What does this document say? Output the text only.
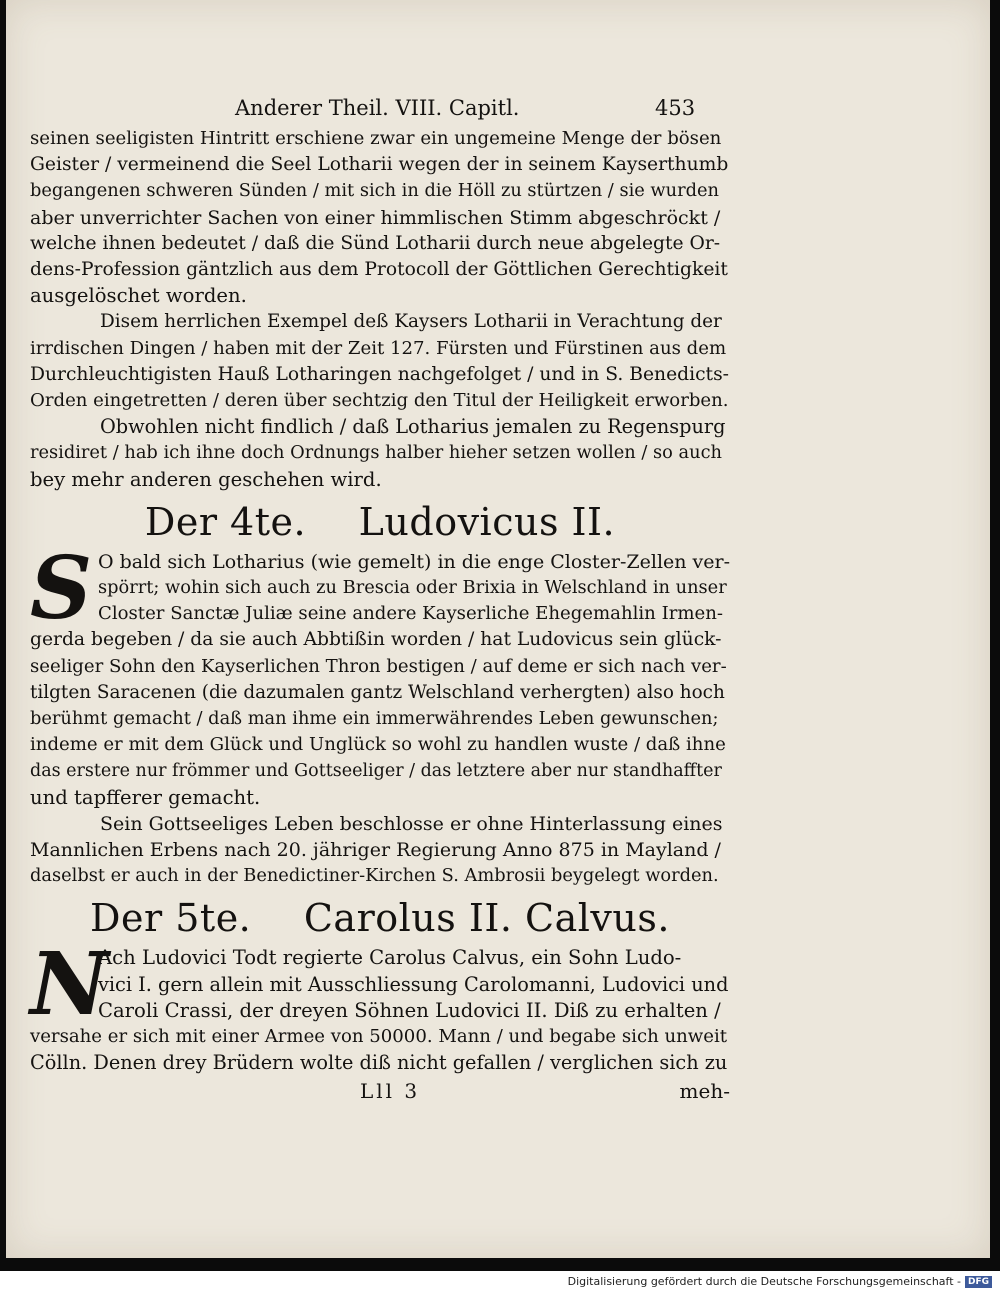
Anderer Theil. VIII. Capitl.	453

seinen seeligisten Hintritt erschiene zwar ein ungemeine Menge der bösen
Geister / vermeinend die Seel Lotharii wegen der in seinem Kayserthumb
begangenen schweren Sünden / mit sich in die Höll zu stürtzen / sie wurden
aber unverrichter Sachen von einer himmlischen Stimm abgeschröckt /
welche ihnen bedeutet / daß die Sünd Lotharii durch neue abgelegte Or-
dens-Profession gäntzlich aus dem Protocoll der Göttlichen Gerechtigkeit
ausgelöschet worden.

Disem herrlichen Exempel deß Kaysers Lotharii in Verachtung der
irrdischen Dingen / haben mit der Zeit 127. Fürsten und Fürstinen aus dem
Durchleuchtigisten Hauß Lotharingen nachgefolget / und in S. Benedicts-
Orden eingetretten / deren über sechtzig den Titul der Heiligkeit erworben.

Obwohlen nicht findlich / daß Lotharius jemalen zu Regenspurg
residiret / hab ich ihne doch Ordnungs halber hieher setzen wollen / so auch
bey mehr anderen geschehen wird.

Der 4te. Ludovicus II.
S O bald sich Lotharius (wie gemelt) in die enge Closter-Zellen ver-
spörrt; wohin sich auch zu Brescia oder Brixia in Welschland in unser
Closter Sanctæ Juliæ seine andere Kayserliche Ehegemahlin Irmen-
gerda begeben / da sie auch Abbtißin worden / hat Ludovicus sein glück-
seeliger Sohn den Kayserlichen Thron bestigen / auf deme er sich nach ver-
tilgten Saracenen (die dazumalen gantz Welschland verhergten) also hoch
berühmt gemacht / daß man ihme ein immerwährendes Leben gewunschen;
indeme er mit dem Glück und Unglück so wohl zu handlen wuste / daß ihne
das erstere nur frömmer und Gottseeliger / das letztere aber nur standhaffter
und tapfferer gemacht.

Sein Gottseeliges Leben beschlosse er ohne Hinterlassung eines
Mannlichen Erbens nach 20. jähriger Regierung Anno 875 in Mayland /
daselbst er auch in der Benedictiner-Kirchen S. Ambrosii beygelegt worden.

Der 5te. Carolus II. Calvus.
N

Ach Ludovici Todt regierte Carolus Calvus, ein Sohn Ludo-
vici I. gern allein mit Ausschliessung Carolomanni, Ludovici und
Caroli Crassi, der dreyen Söhnen Ludovici II. Diß zu erhalten /
versahe er sich mit einer Armee von 50000. Mann / und begabe sich unweit
Cölln. Denen drey Brüdern wolte diß nicht gefallen / verglichen sich zu

Lll 3	meh-
Digitalisierung gefördert durch die Deutsche Forschungsgemeinschaft - DFG
